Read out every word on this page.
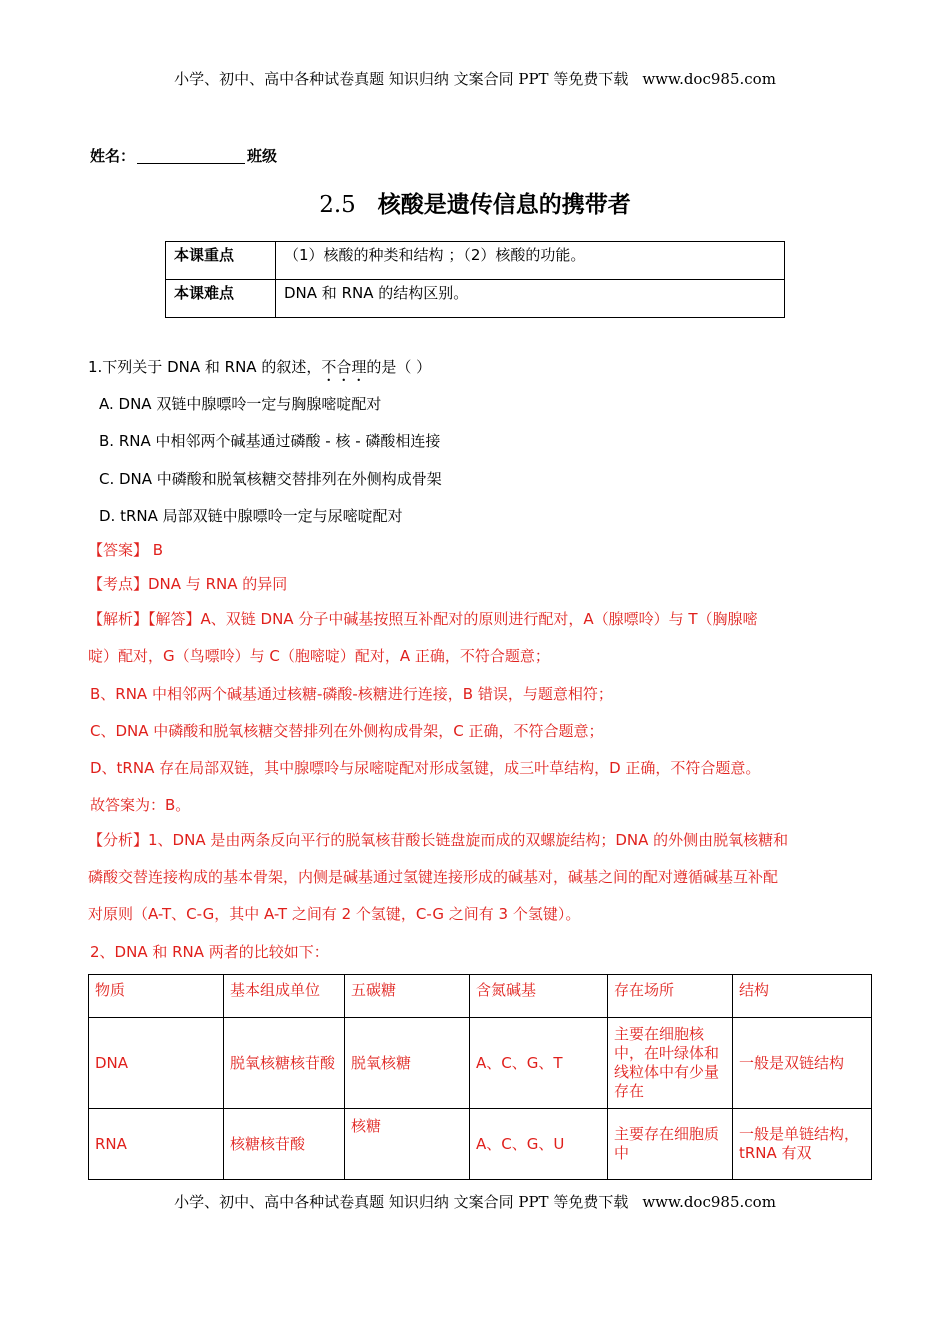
小学、初中、高中各种试卷真题 知识归纳 文案合同 PPT 等免费下载 www.doc985.com
姓名：	班级
2.5 核酸是遗传信息的携带者
本课重点	（1）核酸的种类和结构 ；（2）核酸的功能。
本课难点	DNA 和 RNA 的结构区别。
1.下列关于 DNA 和 RNA 的叙述，不合理的是（ ）
A. DNA 双链中腺嘌呤一定与胸腺嘧啶配对
B. RNA 中相邻两个碱基通过磷酸 - 核 - 磷酸相连接
C. DNA 中磷酸和脱氧核糖交替排列在外侧构成骨架
D. tRNA 局部双链中腺嘌呤一定与尿嘧啶配对
【答案】 B
【考点】DNA 与 RNA 的异同
【解析】【解答】A、双链 DNA 分子中碱基按照互补配对的原则进行配对，A（腺嘌呤）与 T（胸腺嘧
啶）配对，G（鸟嘌呤）与 C（胞嘧啶）配对，A 正确，不符合题意；
B、RNA 中相邻两个碱基通过核糖-磷酸-核糖进行连接，B 错误，与题意相符；
C、DNA 中磷酸和脱氧核糖交替排列在外侧构成骨架，C 正确，不符合题意；
D、tRNA 存在局部双链，其中腺嘌呤与尿嘧啶配对形成氢键，成三叶草结构，D 正确，不符合题意。
故答案为：B。
【分析】1、DNA 是由两条反向平行的脱氧核苷酸长链盘旋而成的双螺旋结构；DNA 的外侧由脱氧核糖和
磷酸交替连接构成的基本骨架，内侧是碱基通过氢键连接形成的碱基对，碱基之间的配对遵循碱基互补配
对原则（A-T、C-G，其中 A-T 之间有 2 个氢键，C-G 之间有 3 个氢键）。
2、DNA 和 RNA 两者的比较如下：
物质	基本组成单位	五碳糖	含氮碱基	存在场所	结构
DNA	脱氧核糖核苷酸	脱氧核糖	A、C、G、T	主要在细胞核中，在叶绿体和线粒体中有少量存在	一般是双链结构
RNA	核糖核苷酸	核糖	A、C、G、U	主要存在细胞质中	一般是单链结构，tRNA 有双
小学、初中、高中各种试卷真题 知识归纳 文案合同 PPT 等免费下载 www.doc985.com
